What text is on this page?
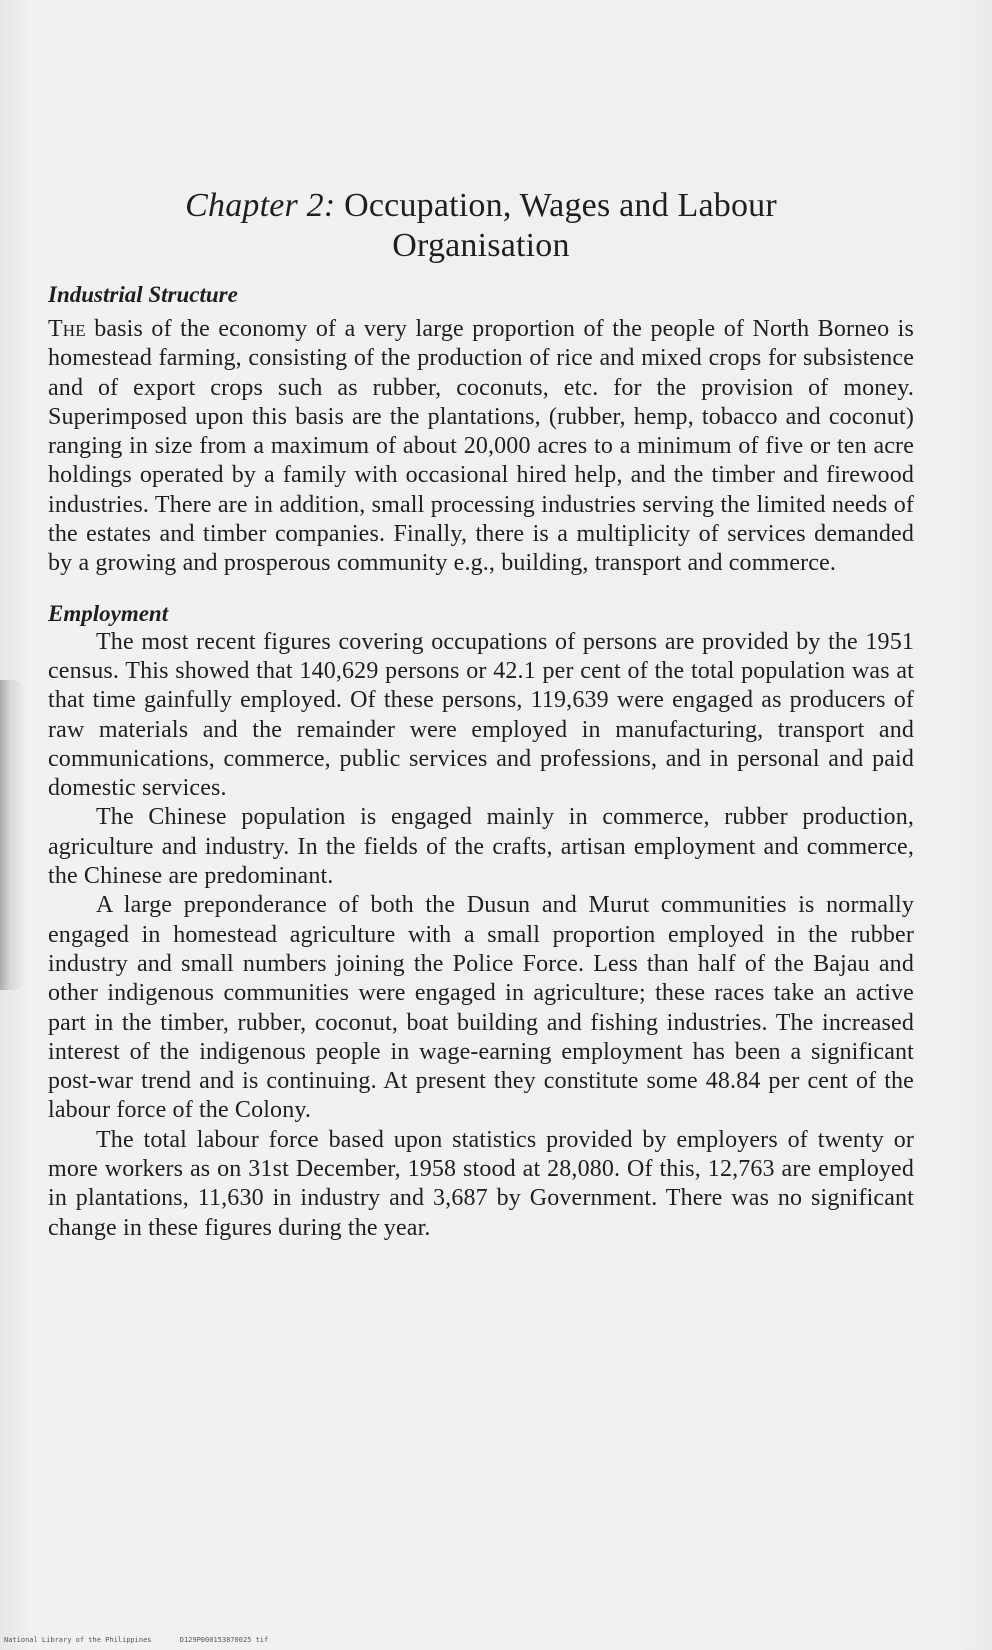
Chapter 2: Occupation, Wages and Labour
Organisation
Industrial Structure

The basis of the economy of a very large proportion of the people of North Borneo is homestead farming, consisting of the production of rice and mixed crops for subsistence and of export crops such as rubber, coconuts, etc. for the provision of money. Superimposed upon this basis are the plantations, (rubber, hemp, tobacco and coconut) ranging in size from a maximum of about 20,000 acres to a minimum of five or ten acre holdings operated by a family with occasional hired help, and the timber and firewood industries. There are in addition, small processing industries serving the limited needs of the estates and timber companies. Finally, there is a multiplicity of services demanded by a growing and prosperous community e.g., building, transport and commerce.

Employment

The most recent figures covering occupations of persons are provided by the 1951 census. This showed that 140,629 persons or 42.1 per cent of the total population was at that time gainfully employed. Of these persons, 119,639 were engaged as producers of raw materials and the remainder were employed in manufacturing, transport and communications, commerce, public services and professions, and in personal and paid domestic services.

The Chinese population is engaged mainly in commerce, rubber production, agriculture and industry. In the fields of the crafts, artisan employment and commerce, the Chinese are predominant.

A large preponderance of both the Dusun and Murut communities is normally engaged in homestead agriculture with a small proportion employed in the rubber industry and small numbers joining the Police Force. Less than half of the Bajau and other indigenous communities were engaged in agriculture; these races take an active part in the timber, rubber, coconut, boat building and fishing industries. The increased interest of the indigenous people in wage-earning employment has been a significant post-war trend and is continuing. At present they constitute some 48.84 per cent of the labour force of the Colony.

The total labour force based upon statistics provided by employers of twenty or more workers as on 31st December, 1958 stood at 28,080. Of this, 12,763 are employed in plantations, 11,630 in industry and 3,687 by Government. There was no significant change in these figures during the year.

National Library of the Philippines	D129P000153870025 tif
